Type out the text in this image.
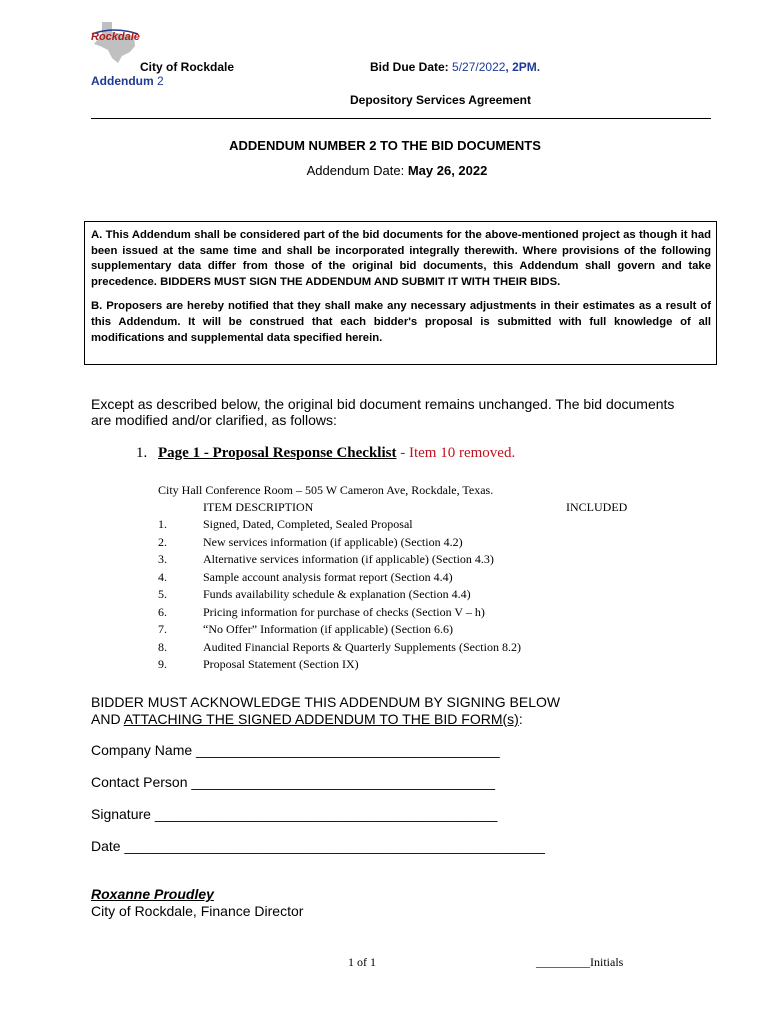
Rockdale
City of Rockdale
Addendum 2
Bid Due Date: 5/27/2022, 2PM.
Depository Services Agreement
ADDENDUM NUMBER 2 TO THE BID DOCUMENTS
Addendum Date: May 26, 2022

A. This Addendum shall be considered part of the bid documents for the above-mentioned project as though it had been issued at the same time and shall be incorporated integrally therewith. Where provisions of the following supplementary data differ from those of the original bid documents, this Addendum shall govern and take precedence. BIDDERS MUST SIGN THE ADDENDUM AND SUBMIT IT WITH THEIR BIDS.

B. Proposers are hereby notified that they shall make any necessary adjustments in their estimates as a result of this Addendum. It will be construed that each bidder's proposal is submitted with full knowledge of all modifications and supplemental data specified herein.

Except as described below, the original bid document remains unchanged. The bid documents are modified and/or clarified, as follows:
1. Page 1 - Proposal Response Checklist - Item 10 removed.
City Hall Conference Room – 505 W Cameron Ave, Rockdale, Texas.
ITEM DESCRIPTION	INCLUDED
1.	Signed, Dated, Completed, Sealed Proposal
2.	New services information (if applicable) (Section 4.2)
3.	Alternative services information (if applicable) (Section 4.3)
4.	Sample account analysis format report (Section 4.4)
5.	Funds availability schedule & explanation (Section 4.4)
6.	Pricing information for purchase of checks (Section V – h)
7.	“No Offer” Information (if applicable) (Section 6.6)
8.	Audited Financial Reports & Quarterly Supplements (Section 8.2)
9.	Proposal Statement (Section IX)
BIDDER MUST ACKNOWLEDGE THIS ADDENDUM BY SIGNING BELOW
AND ATTACHING THE SIGNED ADDENDUM TO THE BID FORM(s):
Company Name _______________________________________
Contact Person _______________________________________
Signature ____________________________________________
Date ______________________________________________________
Roxanne Proudley
City of Rockdale, Finance Director
1 of 1	_________Initials
